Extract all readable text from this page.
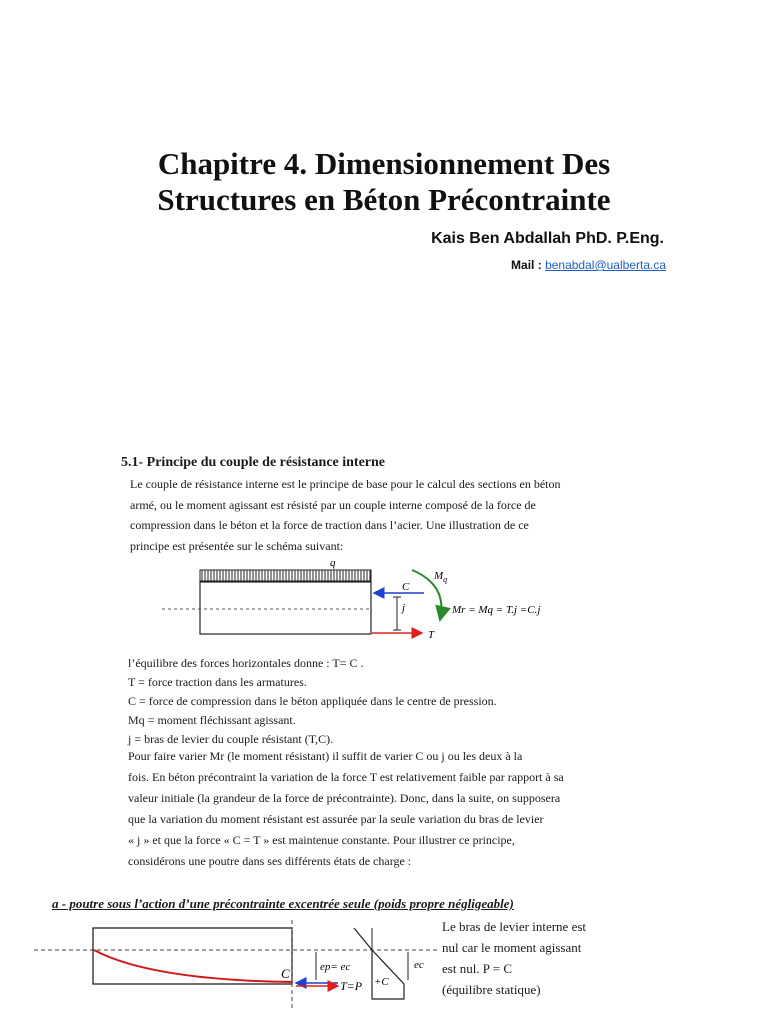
Chapitre 4. Dimensionnement Des
Structures en Béton Précontrainte
Kais Ben Abdallah PhD. P.Eng.
Mail : benabdal@ualberta.ca
5.1- Principe du couple de résistance interne
Le couple de résistance interne est le principe de base pour le calcul des sections en béton
armé, ou le moment agissant est résisté par un couple interne composé de la force de
compression dans le béton et la force de traction dans l’acier. Une illustration de ce
principe est présentée sur le schéma suivant:
q
C
T
j
$M_q$
Mr = Mq = T.j =C.j
C
T=P
ep= ec
+C
ec
l’équilibre des forces horizontales donne : T= C .
T = force traction dans les armatures.
C = force de compression dans le béton appliquée dans le centre de pression.
Mq = moment fléchissant agissant.
j = bras de levier du couple résistant (T,C).
Pour faire varier Mr (le moment résistant) il suffit de varier C ou j ou les deux à la
fois. En béton précontraint la variation de la force T est relativement faible par rapport à sa
valeur initiale (la grandeur de la force de précontrainte). Donc, dans la suite, on supposera
que la variation du moment résistant est assurée par la seule variation du bras de levier
« j » et que la force « C = T » est maintenue constante. Pour illustrer ce principe,
considérons une poutre dans ses différents états de charge :
a - poutre sous l’action d’une précontrainte excentrée seule (poids propre négligeable)
Le bras de levier interne est
nul car le moment agissant
est nul. P = C
(équilibre statique)
